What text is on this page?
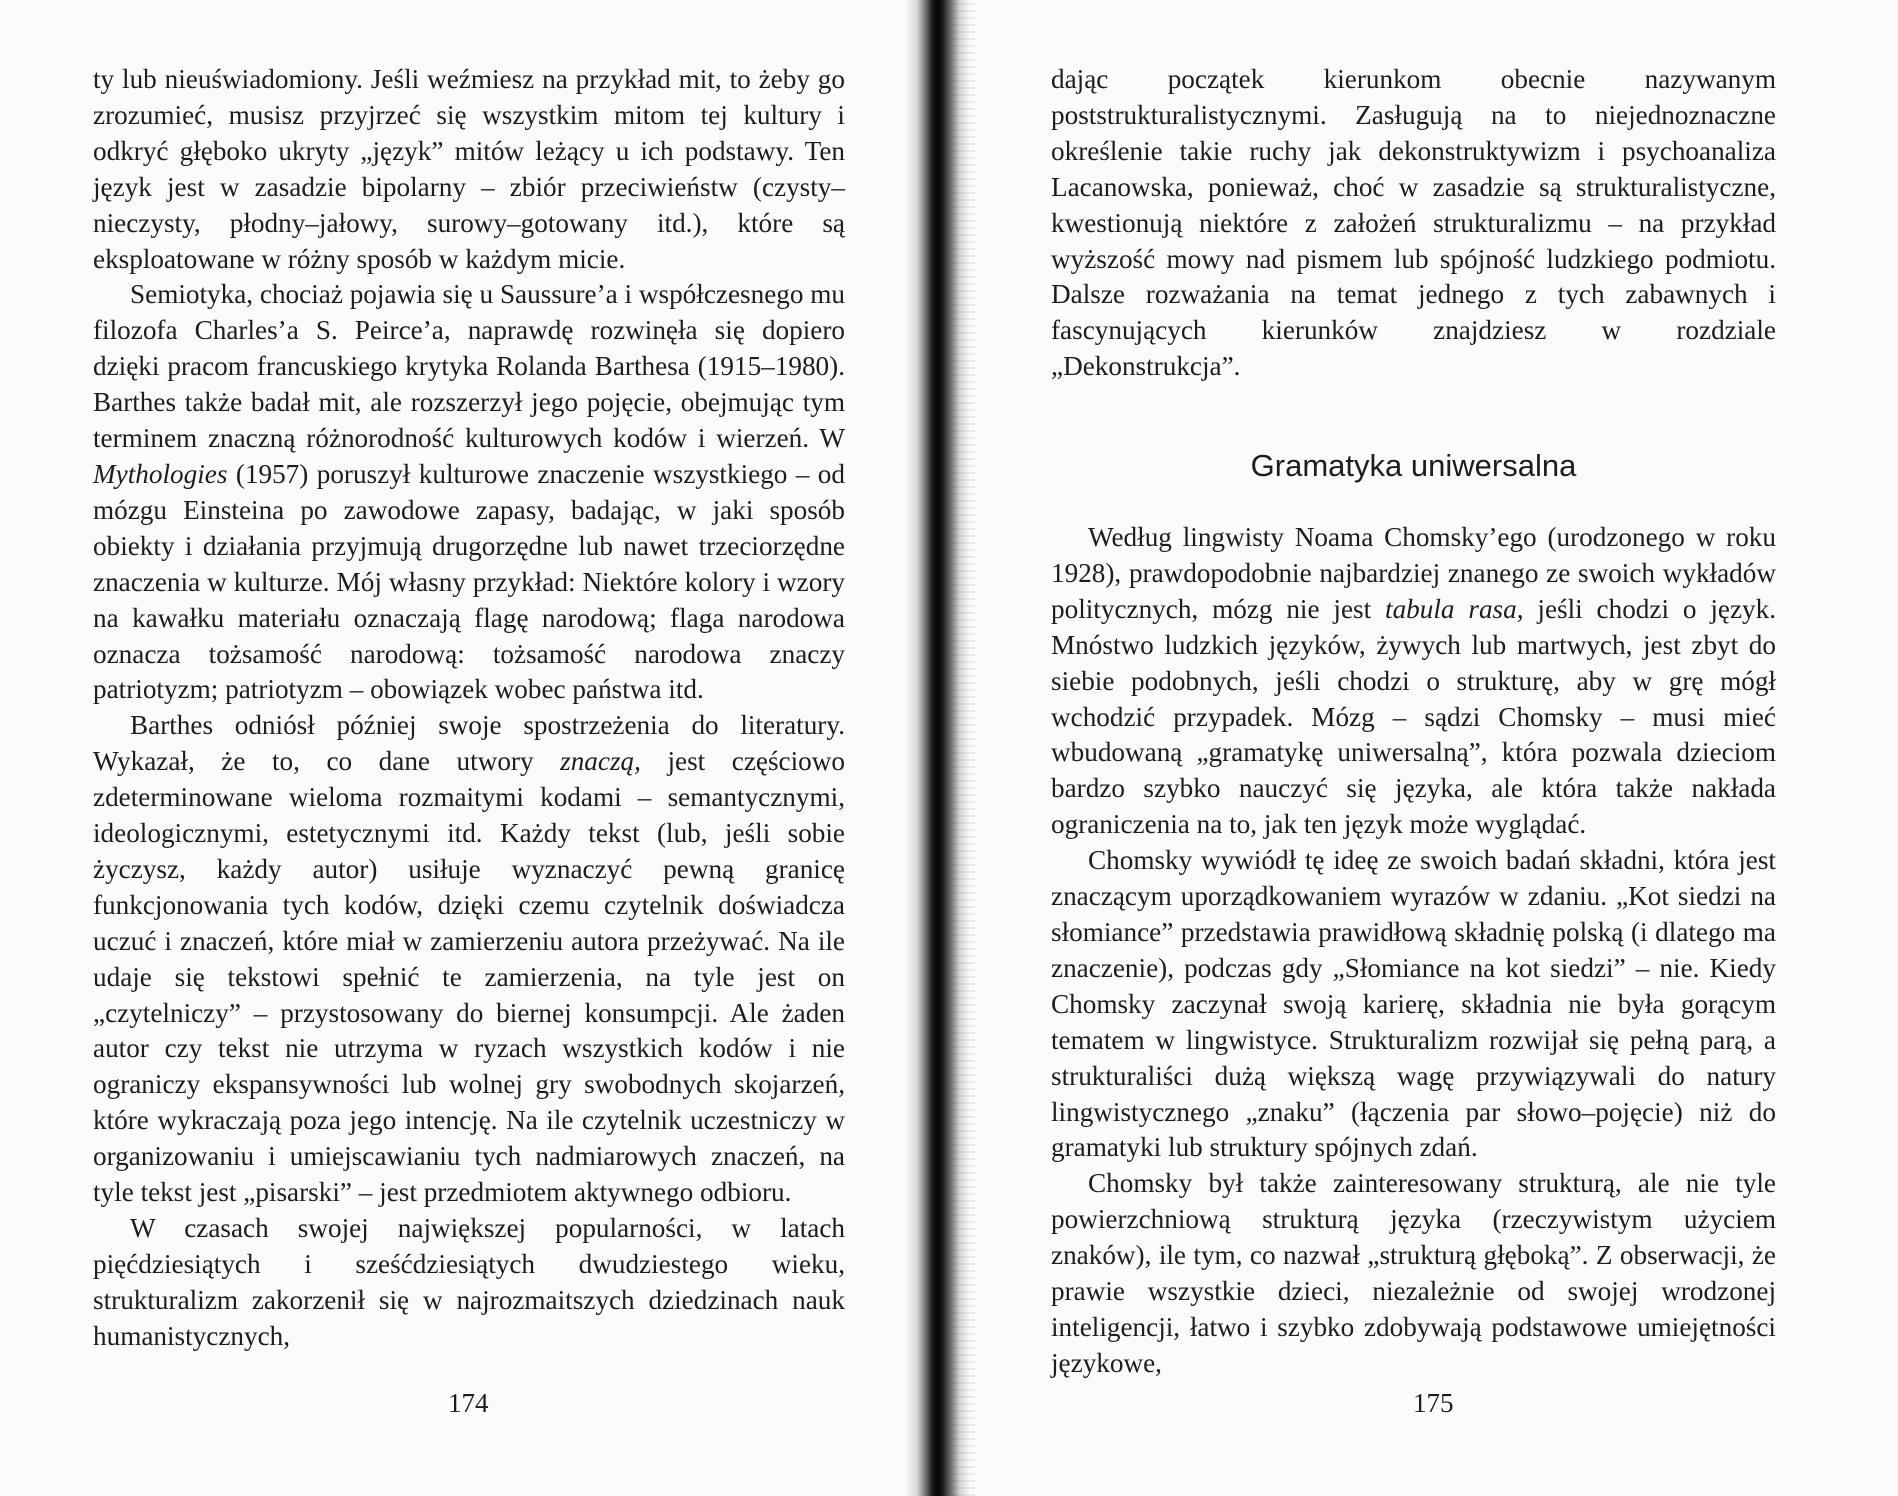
ty lub nieuświadomiony. Jeśli weźmiesz na przykład mit, to żeby go zrozumieć, musisz przyjrzeć się wszystkim mitom tej kultury i odkryć głęboko ukryty „język” mitów leżący u ich podstawy. Ten język jest w zasadzie bipolarny – zbiór przeciwieństw (czysty–nieczysty, płodny–jałowy, surowy–gotowany itd.), które są eksploatowane w różny sposób w każdym micie.

Semiotyka, chociaż pojawia się u Saussure’a i współczesnego mu filozofa Charles’a S. Peirce’a, naprawdę rozwinęła się dopiero dzięki pracom francuskiego krytyka Rolanda Barthesa (1915–1980). Barthes także badał mit, ale rozszerzył jego pojęcie, obejmując tym terminem znaczną różnorodność kulturowych kodów i wierzeń. W Mythologies (1957) poruszył kulturowe znaczenie wszystkiego – od mózgu Einsteina po zawodowe zapasy, badając, w jaki sposób obiekty i działania przyjmują drugorzędne lub nawet trzeciorzędne znaczenia w kulturze. Mój własny przykład: Niektóre kolory i wzory na kawałku materiału oznaczają flagę narodową; flaga narodowa oznacza tożsamość narodową: tożsamość narodowa znaczy patriotyzm; patriotyzm – obowiązek wobec państwa itd.

Barthes odniósł później swoje spostrzeżenia do literatury. Wykazał, że to, co dane utwory znaczą, jest częściowo zdeterminowane wieloma rozmaitymi kodami – semantycznymi, ideologicznymi, estetycznymi itd. Każdy tekst (lub, jeśli sobie życzysz, każdy autor) usiłuje wyznaczyć pewną granicę funkcjonowania tych kodów, dzięki czemu czytelnik doświadcza uczuć i znaczeń, które miał w zamierzeniu autora przeżywać. Na ile udaje się tekstowi spełnić te zamierzenia, na tyle jest on „czytelniczy” – przystosowany do biernej konsumpcji. Ale żaden autor czy tekst nie utrzyma w ryzach wszystkich kodów i nie ograniczy ekspansywności lub wolnej gry swobodnych skojarzeń, które wykraczają poza jego intencję. Na ile czytelnik uczestniczy w organizowaniu i umiejscawianiu tych nadmiarowych znaczeń, na tyle tekst jest „pisarski” – jest przedmiotem aktywnego odbioru.

W czasach swojej największej popularności, w latach pięćdziesiątych i sześćdziesiątych dwudziestego wieku, strukturalizm zakorzenił się w najrozmaitszych dziedzinach nauk humanistycznych,

174

dając początek kierunkom obecnie nazywanym poststrukturalistycznymi. Zasługują na to niejednoznaczne określenie takie ruchy jak dekonstruktywizm i psychoanaliza Lacanowska, ponieważ, choć w zasadzie są strukturalistyczne, kwestionują niektóre z założeń strukturalizmu – na przykład wyższość mowy nad pismem lub spójność ludzkiego podmiotu. Dalsze rozważania na temat jednego z tych zabawnych i fascynujących kierunków znajdziesz w rozdziale „Dekonstrukcja”.

Gramatyka uniwersalna

Według lingwisty Noama Chomsky’ego (urodzonego w roku 1928), prawdopodobnie najbardziej znanego ze swoich wykładów politycznych, mózg nie jest tabula rasa, jeśli chodzi o język. Mnóstwo ludzkich języków, żywych lub martwych, jest zbyt do siebie podobnych, jeśli chodzi o strukturę, aby w grę mógł wchodzić przypadek. Mózg – sądzi Chomsky – musi mieć wbudowaną „gramatykę uniwersalną”, która pozwala dzieciom bardzo szybko nauczyć się języka, ale która także nakłada ograniczenia na to, jak ten język może wyglądać.

Chomsky wywiódł tę ideę ze swoich badań składni, która jest znaczącym uporządkowaniem wyrazów w zdaniu. „Kot siedzi na słomiance” przedstawia prawidłową składnię polską (i dlatego ma znaczenie), podczas gdy „Słomiance na kot siedzi” – nie. Kiedy Chomsky zaczynał swoją karierę, składnia nie była gorącym tematem w lingwistyce. Strukturalizm rozwijał się pełną parą, a strukturaliści dużą większą wagę przywiązywali do natury lingwistycznego „znaku” (łączenia par słowo–pojęcie) niż do gramatyki lub struktury spójnych zdań.

Chomsky był także zainteresowany strukturą, ale nie tyle powierzchniową strukturą języka (rzeczywistym użyciem znaków), ile tym, co nazwał „strukturą głęboką”. Z obserwacji, że prawie wszystkie dzieci, niezależnie od swojej wrodzonej inteligencji, łatwo i szybko zdobywają podstawowe umiejętności językowe,

175
